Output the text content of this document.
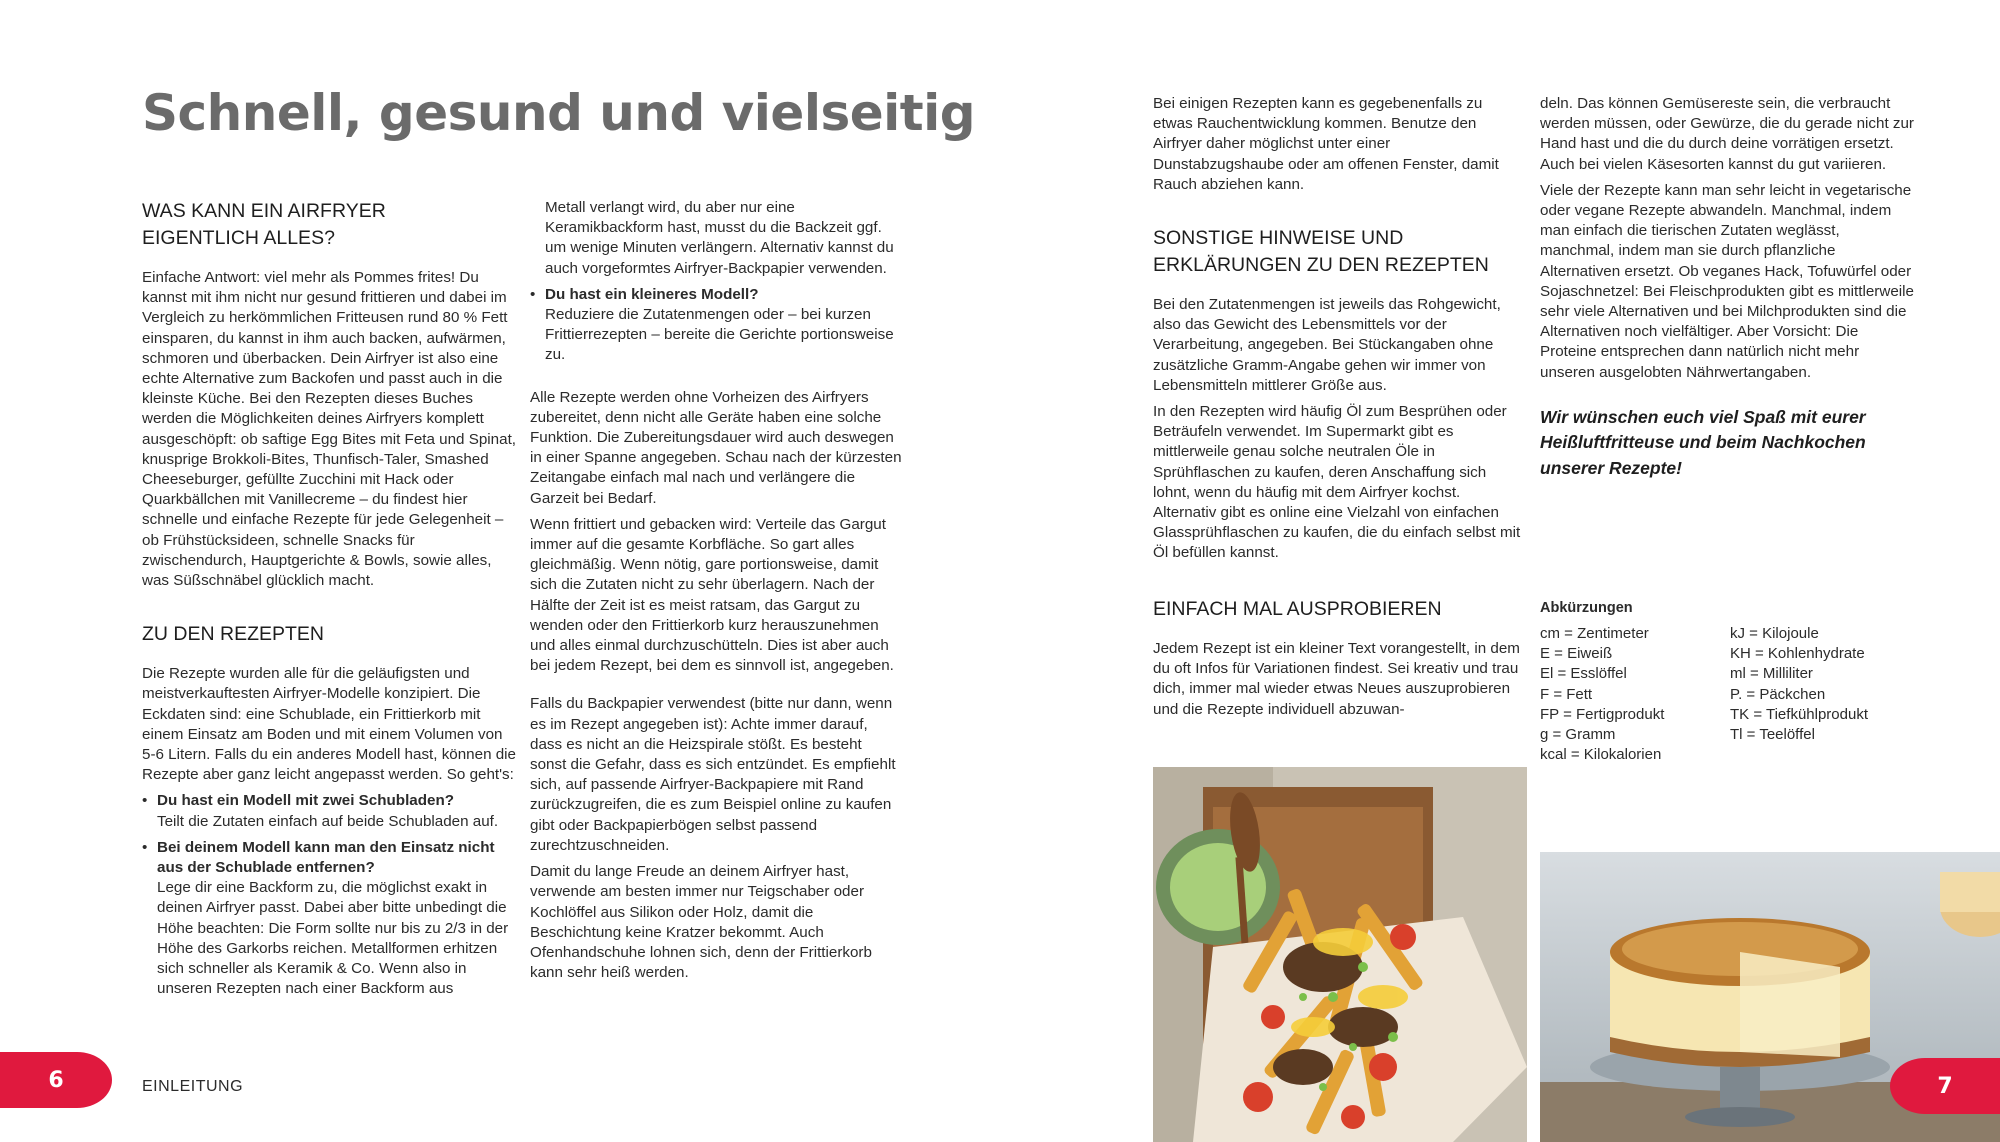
Schnell, gesund und vielseitig
WAS KANN EIN AIRFRYER EIGENTLICH ALLES?

Einfache Antwort: viel mehr als Pommes frites! Du kannst mit ihm nicht nur gesund frittieren und dabei im Vergleich zu herkömmlichen Fritteusen rund 80 % Fett einsparen, du kannst in ihm auch backen, aufwärmen, schmoren und überbacken. Dein Airfryer ist also eine echte Alternative zum Backofen und passt auch in die kleinste Küche. Bei den Rezepten dieses Buches werden die Möglichkeiten deines Airfryers komplett ausgeschöpft: ob saftige Egg Bites mit Feta und Spinat, knusprige Brokkoli-Bites, Thunfisch-Taler, Smashed Cheeseburger, gefüllte Zucchini mit Hack oder Quarkbällchen mit Vanillecreme – du findest hier schnelle und einfache Rezepte für jede Gelegenheit – ob Frühstücksideen, schnelle Snacks für zwischendurch, Hauptgerichte & Bowls, sowie alles, was Süßschnäbel glücklich macht.

ZU DEN REZEPTEN

Die Rezepte wurden alle für die geläufigsten und meistverkauftesten Airfryer-Modelle konzipiert. Die Eckdaten sind: eine Schublade, ein Frittierkorb mit einem Einsatz am Boden und mit einem Volumen von 5-6 Litern. Falls du ein anderes Modell hast, können die Rezepte aber ganz leicht angepasst werden. So geht's:

• Du hast ein Modell mit zwei Schubladen?
Teilt die Zutaten einfach auf beide Schubladen auf.
• Bei deinem Modell kann man den Einsatz nicht aus der Schublade entfernen?
Lege dir eine Backform zu, die möglichst exakt in deinen Airfryer passt. Dabei aber bitte unbedingt die Höhe beachten: Die Form sollte nur bis zu 2/3 in der Höhe des Garkorbs reichen. Metallformen erhitzen sich schneller als Keramik & Co. Wenn also in unseren Rezepten nach einer Backform aus

Metall verlangt wird, du aber nur eine Keramikbackform hast, musst du die Backzeit ggf. um wenige Minuten verlängern. Alternativ kannst du auch vorgeformtes Airfryer-Backpapier verwenden.

• Du hast ein kleineres Modell?
Reduziere die Zutatenmengen oder – bei kurzen Frittierrezepten – bereite die Gerichte portionsweise zu.

Alle Rezepte werden ohne Vorheizen des Airfryers zubereitet, denn nicht alle Geräte haben eine solche Funktion. Die Zubereitungsdauer wird auch deswegen in einer Spanne angegeben. Schau nach der kürzesten Zeitangabe einfach mal nach und verlängere die Garzeit bei Bedarf.

Wenn frittiert und gebacken wird: Verteile das Gargut immer auf die gesamte Korbfläche. So gart alles gleichmäßig. Wenn nötig, gare portionsweise, damit sich die Zutaten nicht zu sehr überlagern. Nach der Hälfte der Zeit ist es meist ratsam, das Gargut zu wenden oder den Frittierkorb kurz herauszunehmen und alles einmal durchzuschütteln. Dies ist aber auch bei jedem Rezept, bei dem es sinnvoll ist, angegeben.

Falls du Backpapier verwendest (bitte nur dann, wenn es im Rezept angegeben ist): Achte immer darauf, dass es nicht an die Heizspirale stößt. Es besteht sonst die Gefahr, dass es sich entzündet. Es empfiehlt sich, auf passende Airfryer-Backpapiere mit Rand zurückzugreifen, die es zum Beispiel online zu kaufen gibt oder Backpapierbögen selbst passend zurechtzuschneiden.

Damit du lange Freude an deinem Airfryer hast, verwende am besten immer nur Teigschaber oder Kochlöffel aus Silikon oder Holz, damit die Beschichtung keine Kratzer bekommt. Auch Ofenhandschuhe lohnen sich, denn der Frittierkorb kann sehr heiß werden.

Bei einigen Rezepten kann es gegebenenfalls zu etwas Rauchentwicklung kommen. Benutze den Airfryer daher möglichst unter einer Dunstabzugshaube oder am offenen Fenster, damit Rauch abziehen kann.

SONSTIGE HINWEISE UND ERKLÄRUNGEN ZU DEN REZEPTEN

Bei den Zutatenmengen ist jeweils das Rohgewicht, also das Gewicht des Lebensmittels vor der Verarbeitung, angegeben. Bei Stückangaben ohne zusätzliche Gramm-Angabe gehen wir immer von Lebensmitteln mittlerer Größe aus.

In den Rezepten wird häufig Öl zum Besprühen oder Beträufeln verwendet. Im Supermarkt gibt es mittlerweile genau solche neutralen Öle in Sprühflaschen zu kaufen, deren Anschaffung sich lohnt, wenn du häufig mit dem Airfryer kochst. Alternativ gibt es online eine Vielzahl von einfachen Glassprühflaschen zu kaufen, die du einfach selbst mit Öl befüllen kannst.

EINFACH MAL AUSPROBIEREN

Jedem Rezept ist ein kleiner Text vorangestellt, in dem du oft Infos für Variationen findest. Sei kreativ und trau dich, immer mal wieder etwas Neues auszuprobieren und die Rezepte individuell abzuwan-

deln. Das können Gemüsereste sein, die verbraucht werden müssen, oder Gewürze, die du gerade nicht zur Hand hast und die du durch deine vorrätigen ersetzt. Auch bei vielen Käsesorten kannst du gut variieren.

Viele der Rezepte kann man sehr leicht in vegetarische oder vegane Rezepte abwandeln. Manchmal, indem man einfach die tierischen Zutaten weglässt, manchmal, indem man sie durch pflanzliche Alternativen ersetzt. Ob veganes Hack, Tofuwürfel oder Sojaschnetzel: Bei Fleischprodukten gibt es mittlerweile sehr viele Alternativen und bei Milchprodukten sind die Alternativen noch vielfältiger. Aber Vorsicht: Die Proteine entsprechen dann natürlich nicht mehr unseren ausgelobten Nährwertangaben.

Wir wünschen euch viel Spaß mit eurer Heißluftfritteuse und beim Nachkochen unserer Rezepte!

Abkürzungen
cm = Zentimeter
E = Eiweiß
El = Esslöffel
F = Fett
FP = Fertigprodukt
g = Gramm
kcal = Kilokalorien
kJ = Kilojoule
KH = Kohlenhydrate
ml = Milliliter
P. = Päckchen
TK = Tiefkühlprodukt
Tl = Teelöffel
6	EINLEITUNG	7
